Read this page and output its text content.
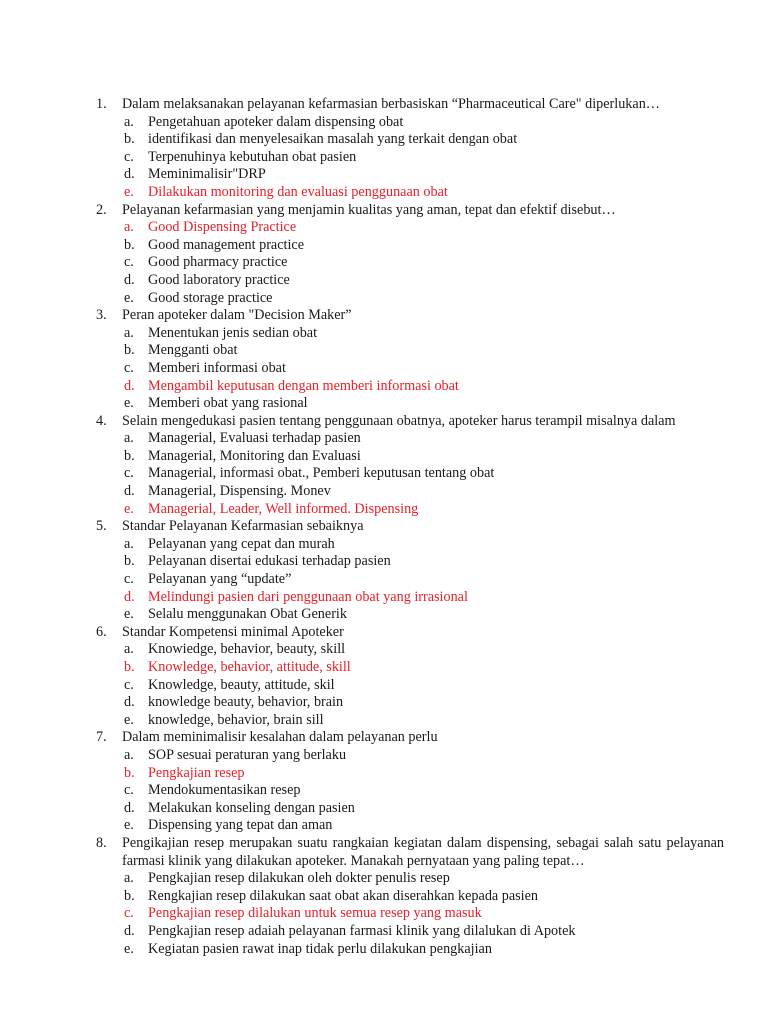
1.	Dalam melaksanakan pelayanan kefarmasian berbasiskan “Pharmaceutical Care" diperlukan…
a. Pengetahuan apoteker dalam dispensing obat
b. identifikasi dan menyelesaikan masalah yang terkait dengan obat
c. Terpenuhinya kebutuhan obat pasien
d. Meminimalisir"DRP
e. Dilakukan monitoring dan evaluasi penggunaan obat
2.	Pelayanan kefarmasian yang menjamin kualitas yang aman, tepat dan efektif disebut…
a. Good Dispensing Practice
b. Good management practice
c. Good pharmacy practice
d. Good laboratory practice
e. Good storage practice
3.	Peran apoteker dalam "Decision Maker”
a. Menentukan jenis sedian obat
b. Mengganti obat
c. Memberi informasi obat
d. Mengambil keputusan dengan memberi informasi obat
e. Memberi obat yang rasional
4.	Selain mengedukasi pasien tentang penggunaan obatnya, apoteker harus terampil misalnya dalam
a. Managerial, Evaluasi terhadap pasien
b. Managerial, Monitoring dan Evaluasi
c. Managerial, informasi obat., Pemberi keputusan tentang obat
d. Managerial, Dispensing. Monev
e. Managerial, Leader, Well informed. Dispensing
5.	Standar Pelayanan Kefarmasian sebaiknya
a. Pelayanan yang cepat dan murah
b. Pelayanan disertai edukasi terhadap pasien
c. Pelayanan yang “update”
d. Melindungi pasien dari penggunaan obat yang irrasional
e. Selalu menggunakan Obat Generik
6.	Standar Kompetensi minimal Apoteker
a. Knowiedge, behavior, beauty, skill
b. Knowledge, behavior, attitude, skill
c. Knowledge, beauty, attitude, skil
d. knowledge beauty, behavior, brain
e. knowledge, behavior, brain sill
7.	Dalam meminimalisir kesalahan dalam pelayanan perlu
a. SOP sesuai peraturan yang berlaku
b. Pengkajian resep
c. Mendokumentasikan resep
d. Melakukan konseling dengan pasien
e. Dispensing yang tepat dan aman
8.	Pengikajian resep merupakan suatu rangkaian kegiatan dalam dispensing, sebagai salah satu pelayanan farmasi klinik yang dilakukan apoteker. Manakah pernyataan yang paling tepat…
a. Pengkajian resep dilakukan oleh dokter penulis resep
b. Rengkajian resep dilakukan saat obat akan diserahkan kepada pasien
c. Pengkajian resep dilalukan untuk semua resep yang masuk
d. Pengkajian resep adaiah pelayanan farmasi klinik yang dilalukan di Apotek
e. Kegiatan pasien rawat inap tidak perlu dilakukan pengkajian
